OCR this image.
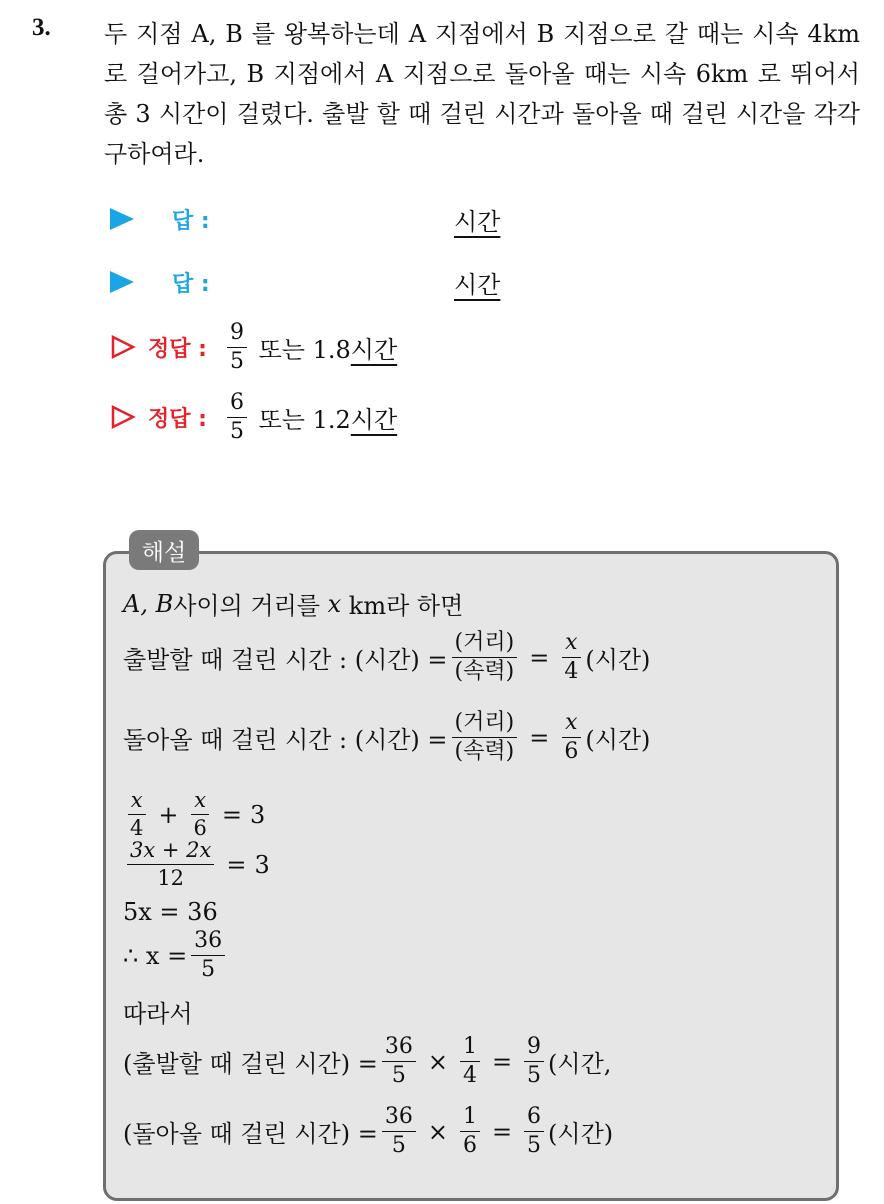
3. 두 지점 A, B 를 왕복하는데 A 지점에서 B 지점으로 갈 때는 시속 4km 로 걸어가고, B 지점에서 A 지점으로 돌아올 때는 시속 6km 로 뛰어서 총 3 시간이 걸렸다. 출발 할 때 걸린 시간과 돌아올 때 걸린 시간을 각각 구하여라.
답 :	시간
답 :	시간
정답 : $\frac{9}{5}$ 또는 1.8 시간
정답 : $\frac{6}{5}$ 또는 1.2 시간
해설
A, B 사이의 거리를 x km라 하면
출발할 때 걸린 시간 : (시간) = $\frac{\text{(거리)}}{\text{(속력)}} = \frac{x}{4}$ (시간)
돌아올 때 걸린 시간 : (시간) = $\frac{\text{(거리)}}{\text{(속력)}} = \frac{x}{6}$ (시간)
$\frac{x}{4} + \frac{x}{6} = 3$
$\frac{3x + 2x}{12} = 3$
5x = 36
∴ $x = \frac{36}{5}$
따라서
(출발할 때 걸린 시간) = $\frac{36}{5} \times \frac{1}{4} = \frac{9}{5}$ (시간,
(돌아올 때 걸린 시간) = $\frac{36}{5} \times \frac{1}{6} = \frac{6}{5}$ (시간)
